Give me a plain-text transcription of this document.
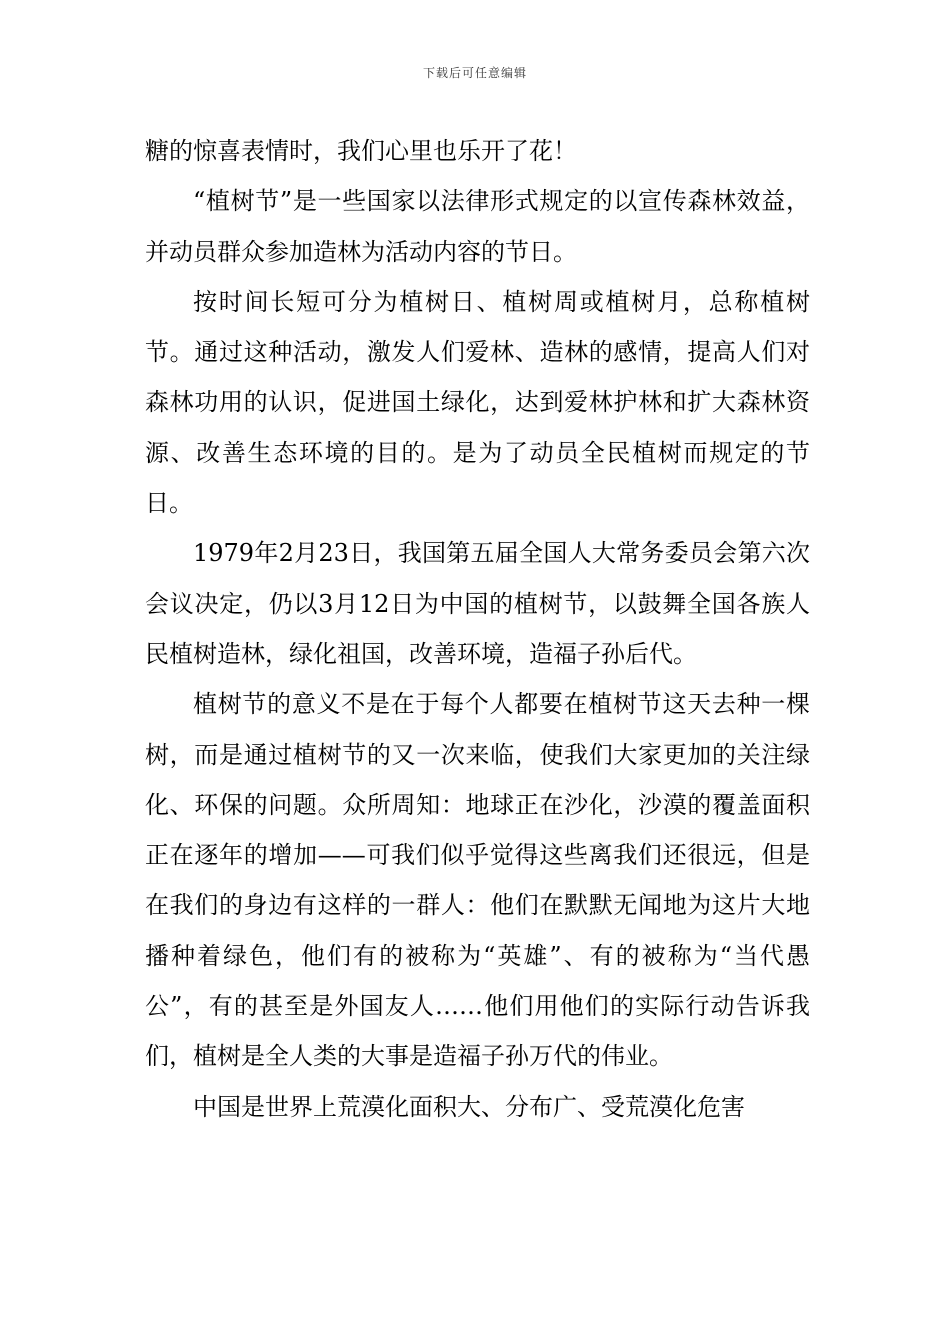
下载后可任意编辑

糖的惊喜表情时，我们心里也乐开了花！

“植树节”是一些国家以法律形式规定的以宣传森林效益，并动员群众参加造林为活动内容的节日。

按时间长短可分为植树日、植树周或植树月，总称植树节。通过这种活动，激发人们爱林、造林的感情，提高人们对森林功用的认识，促进国土绿化，达到爱林护林和扩大森林资源、改善生态环境的目的。是为了动员全民植树而规定的节日。

1979年2月23日，我国第五届全国人大常务委员会第六次会议决定，仍以3月12日为中国的植树节，以鼓舞全国各族人民植树造林，绿化祖国，改善环境，造福子孙后代。

植树节的意义不是在于每个人都要在植树节这天去种一棵树，而是通过植树节的又一次来临，使我们大家更加的关注绿化、环保的问题。众所周知：地球正在沙化，沙漠的覆盖面积正在逐年的增加——可我们似乎觉得这些离我们还很远，但是在我们的身边有这样的一群人：他们在默默无闻地为这片大地播种着绿色，他们有的被称为“英雄”、有的被称为“当代愚公”，有的甚至是外国友人……他们用他们的实际行动告诉我们，植树是全人类的大事是造福子孙万代的伟业。

中国是世界上荒漠化面积大、分布广、受荒漠化危害
